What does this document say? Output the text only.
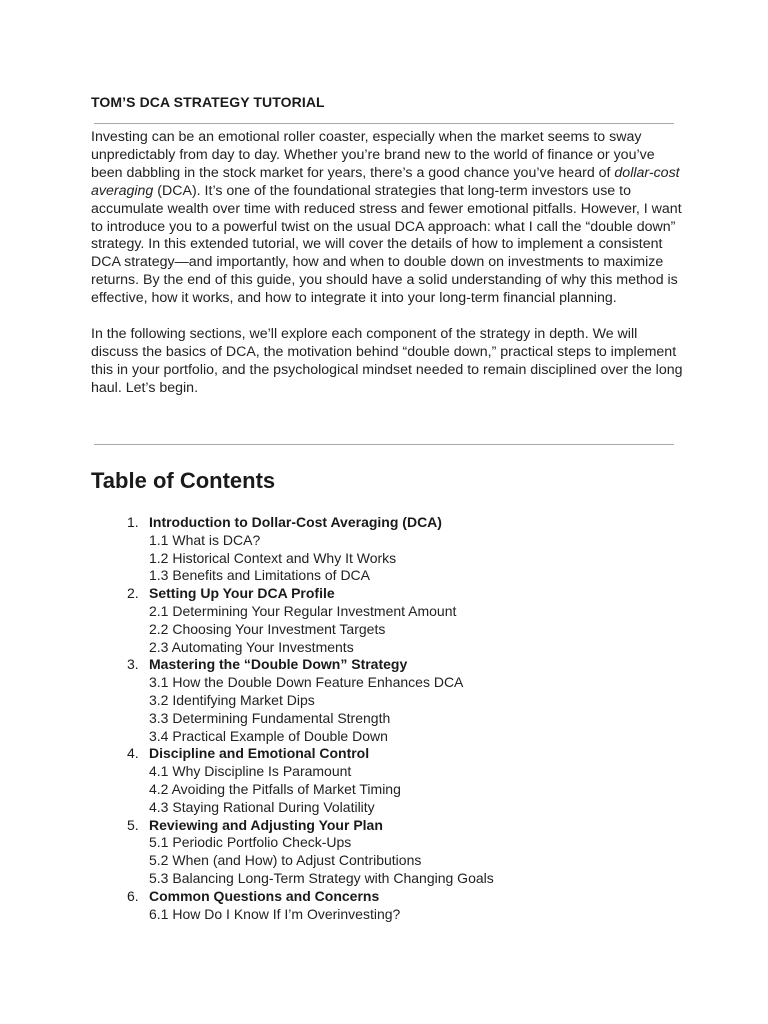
TOM’S DCA STRATEGY TUTORIAL

Investing can be an emotional roller coaster, especially when the market seems to sway unpredictably from day to day. Whether you’re brand new to the world of finance or you’ve been dabbling in the stock market for years, there’s a good chance you’ve heard of dollar-cost averaging (DCA). It’s one of the foundational strategies that long-term investors use to accumulate wealth over time with reduced stress and fewer emotional pitfalls. However, I want to introduce you to a powerful twist on the usual DCA approach: what I call the “double down” strategy. In this extended tutorial, we will cover the details of how to implement a consistent DCA strategy—and importantly, how and when to double down on investments to maximize returns. By the end of this guide, you should have a solid understanding of why this method is effective, how it works, and how to integrate it into your long-term financial planning.

In the following sections, we’ll explore each component of the strategy in depth. We will discuss the basics of DCA, the motivation behind “double down,” practical steps to implement this in your portfolio, and the psychological mindset needed to remain disciplined over the long haul. Let’s begin.

Table of Contents
1. Introduction to Dollar-Cost Averaging (DCA)
1.1 What is DCA?
1.2 Historical Context and Why It Works
1.3 Benefits and Limitations of DCA
2. Setting Up Your DCA Profile
2.1 Determining Your Regular Investment Amount
2.2 Choosing Your Investment Targets
2.3 Automating Your Investments
3. Mastering the “Double Down” Strategy
3.1 How the Double Down Feature Enhances DCA
3.2 Identifying Market Dips
3.3 Determining Fundamental Strength
3.4 Practical Example of Double Down
4. Discipline and Emotional Control
4.1 Why Discipline Is Paramount
4.2 Avoiding the Pitfalls of Market Timing
4.3 Staying Rational During Volatility
5. Reviewing and Adjusting Your Plan
5.1 Periodic Portfolio Check-Ups
5.2 When (and How) to Adjust Contributions
5.3 Balancing Long-Term Strategy with Changing Goals
6. Common Questions and Concerns
6.1 How Do I Know If I’m Overinvesting?
